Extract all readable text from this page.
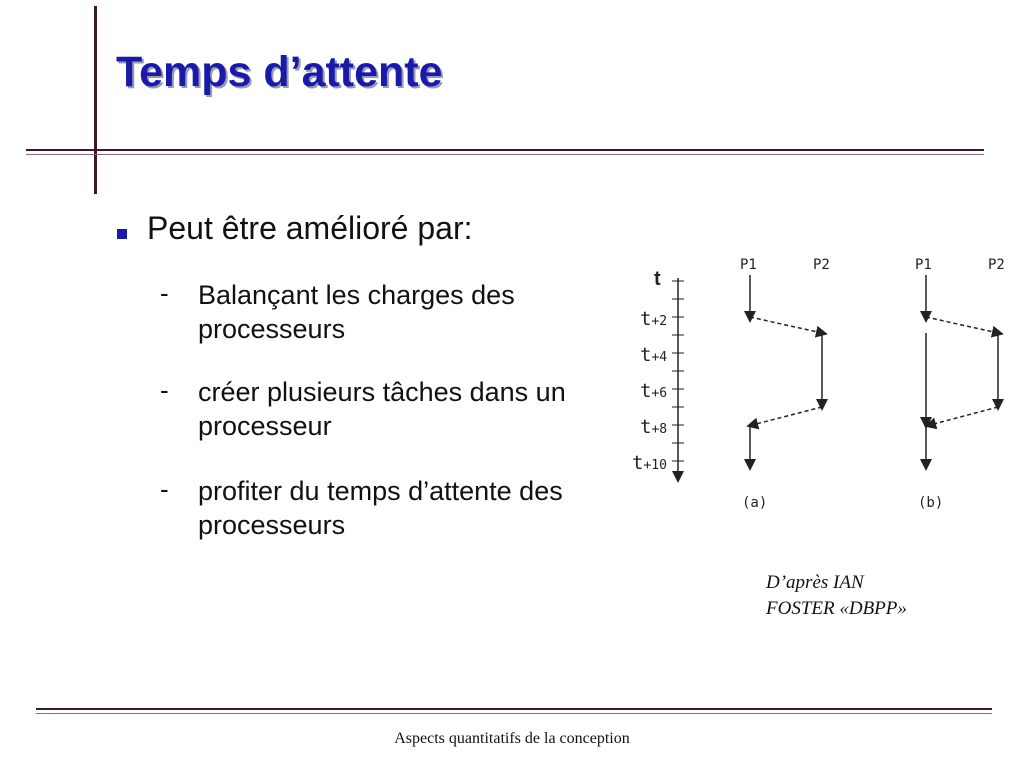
Temps d’attente
Peut être amélioré par:
- Balançant les charges des processeurs
- créer plusieurs tâches dans un processeur
- profiter du temps d’attente des processeurs
t
t+2
t+4
t+6
t+8
t+10
P1	P2
(a)
P1	P2
(b)
D’après IAN
FOSTER «DBPP»
Aspects quantitatifs de la conception
